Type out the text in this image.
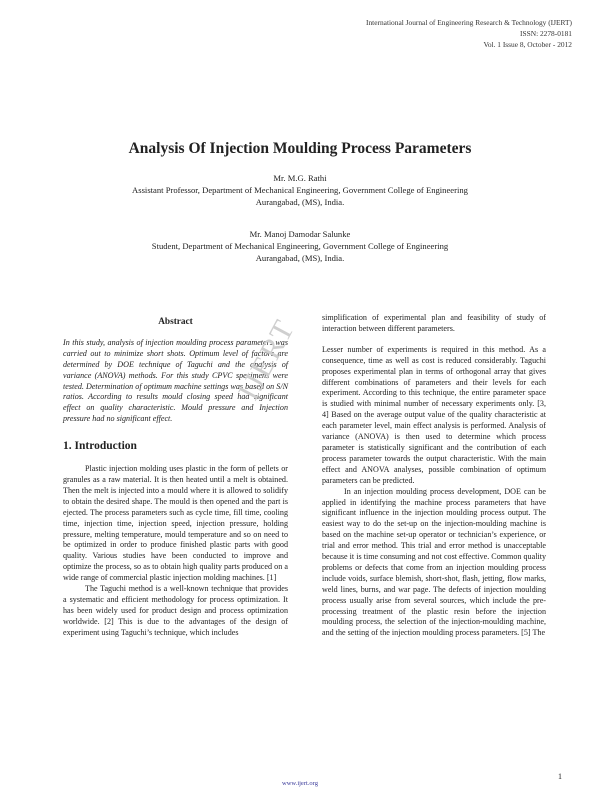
International Journal of Engineering Research & Technology (IJERT)
ISSN: 2278-0181
Vol. 1 Issue 8, October - 2012
Analysis Of Injection Moulding Process Parameters
Mr. M.G. Rathi
Assistant Professor, Department of Mechanical Engineering, Government College of Engineering
Aurangabad, (MS), India.
Mr. Manoj Damodar Salunke
Student, Department of Mechanical Engineering, Government College of Engineering
Aurangabad, (MS), India.
Abstract

In this study, analysis of injection moulding process parameters was carried out to minimize short shots. Optimum level of factors are determined by DOE technique of Taguchi and the analysis of variance (ANOVA) methods. For this study CPVC specimens were tested. Determination of optimum machine settings was based on S/N ratios. According to results mould closing speed had significant effect on quality characteristic. Mould pressure and Injection pressure had no significant effect.

1. Introduction

Plastic injection molding uses plastic in the form of pellets or granules as a raw material. It is then heated until a melt is obtained. Then the melt is injected into a mould where it is allowed to solidify to obtain the desired shape. The mould is then opened and the part is ejected. The process parameters such as cycle time, fill time, cooling time, injection time, injection speed, injection pressure, holding pressure, melting temperature, mould temperature and so on need to be optimized in order to produce finished plastic parts with good quality. Various studies have been conducted to improve and optimize the process, so as to obtain high quality parts produced on a wide range of commercial plastic injection molding machines. [1]

The Taguchi method is a well-known technique that provides a systematic and efficient methodology for process optimization. It has been widely used for product design and process optimization worldwide. [2] This is due to the advantages of the design of experiment using Taguchi’s technique, which includes

simplification of experimental plan and feasibility of study of interaction between different parameters.

Lesser number of experiments is required in this method. As a consequence, time as well as cost is reduced considerably. Taguchi proposes experimental plan in terms of orthogonal array that gives different combinations of parameters and their levels for each experiment. According to this technique, the entire parameter space is studied with minimal number of necessary experiments only. [3, 4] Based on the average output value of the quality characteristic at each parameter level, main effect analysis is performed. Analysis of variance (ANOVA) is then used to determine which process parameter is statistically significant and the contribution of each process parameter towards the output characteristic. With the main effect and ANOVA analyses, possible combination of optimum parameters can be predicted.

In an injection moulding process development, DOE can be applied in identifying the machine process parameters that have significant influence in the injection moulding process output. The easiest way to do the set-up on the injection-moulding machine is based on the machine set-up operator or technician’s experience, or trial and error method. This trial and error method is unacceptable because it is time consuming and not cost effective. Common quality problems or defects that come from an injection moulding process include voids, surface blemish, short-shot, flash, jetting, flow marks, weld lines, burns, and war page. The defects of injection moulding process usually arise from several sources, which include the pre-processing treatment of the plastic resin before the injection moulding process, the selection of the injection-moulding machine, and the setting of the injection moulding process parameters. [5] The

IJERT
www.ijert.org
1
